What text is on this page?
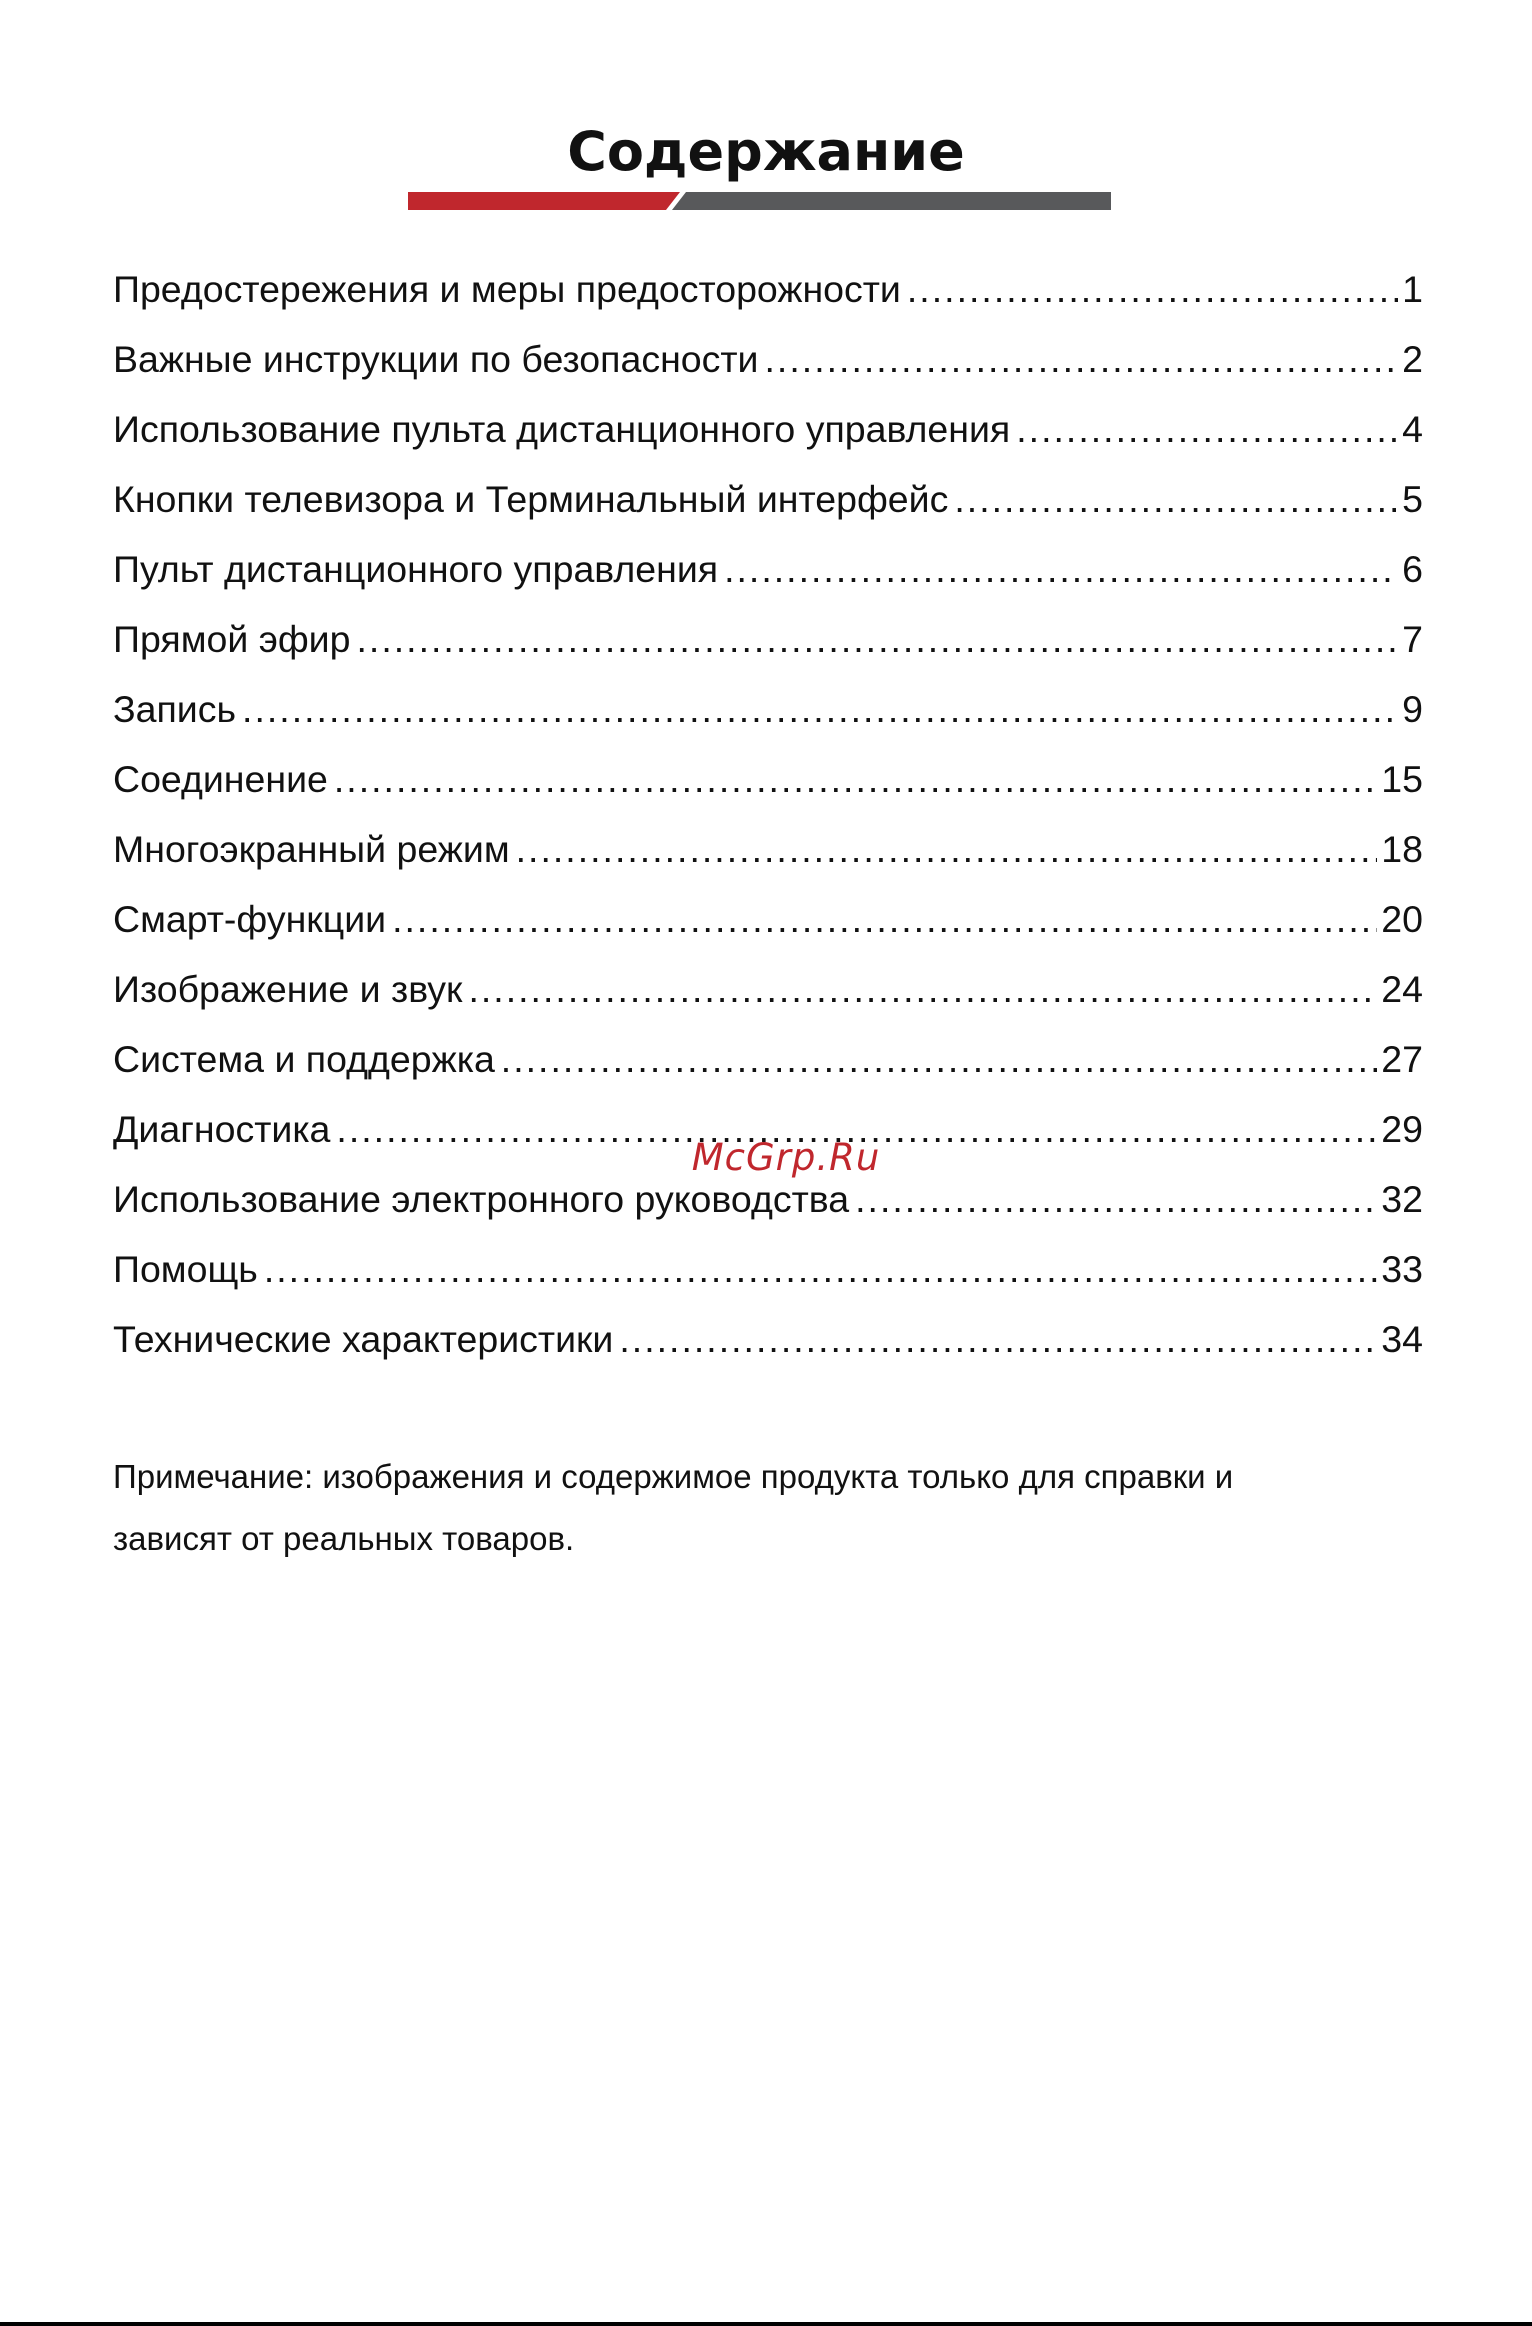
Содержание
Предостережения и меры предосторожности .....	1
Важные инструкции по безопасности .....	2
Использование пульта дистанционного управления .....	4
Кнопки телевизора и Терминальный интерфейс .....	5
Пульт дистанционного управления .....	6
Прямой эфир .....	7
Запись .....	9
Соединение .....	15
Многоэкранный режим .....	18
Смарт-функции .....	20
Изображение и звук .....	24
Система и поддержка .....	27
Диагностика .....	29
Использование электронного руководства .....	32
Помощь .....	33
Технические характеристики .....	34
McGrp.Ru

Примечание: изображения и содержимое продукта только для справки и

зависят от реальных товаров.
